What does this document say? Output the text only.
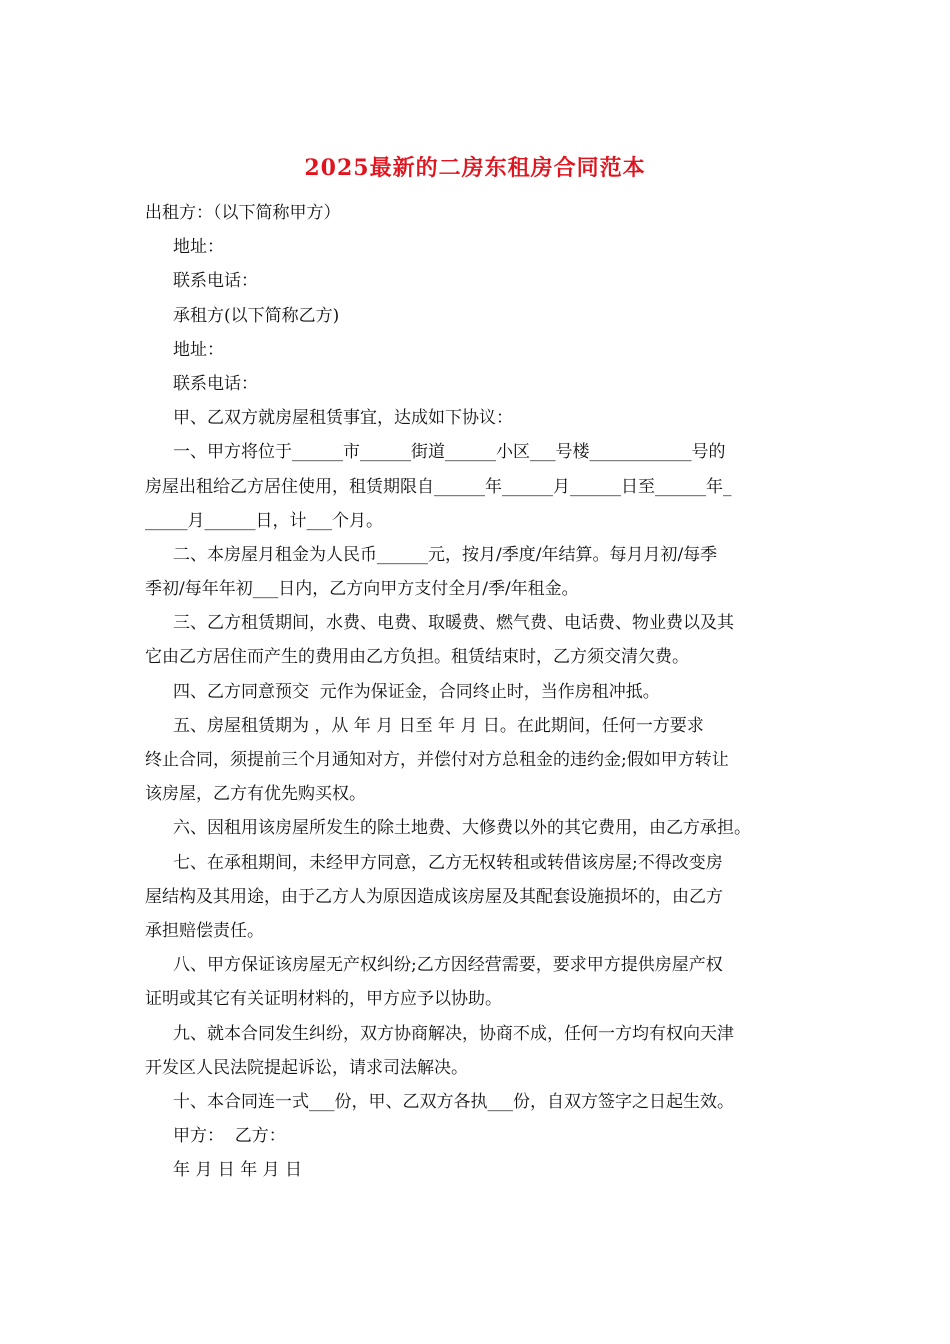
2025最新的二房东租房合同范本
出租方：（以下简称甲方）
地址：
联系电话：
承租方(以下简称乙方)
地址：
联系电话：
甲、乙双方就房屋租赁事宜，达成如下协议：
一、甲方将位于______市______街道______小区___号楼____________号的
房屋出租给乙方居住使用，租赁期限自______年______月______日至______年_
_____月______日，计___个月。
二、本房屋月租金为人民币______元，按月/季度/年结算。每月月初/每季
季初/每年年初___日内，乙方向甲方支付全月/季/年租金。
三、乙方租赁期间，水费、电费、取暖费、燃气费、电话费、物业费以及其
它由乙方居住而产生的费用由乙方负担。租赁结束时，乙方须交清欠费。
四、乙方同意预交  元作为保证金，合同终止时，当作房租冲抵。
五、房屋租赁期为 ，从 年 月 日至 年 月 日。在此期间，任何一方要求
终止合同，须提前三个月通知对方，并偿付对方总租金的违约金;假如甲方转让
该房屋，乙方有优先购买权。
六、因租用该房屋所发生的除土地费、大修费以外的其它费用，由乙方承担。
七、在承租期间，未经甲方同意，乙方无权转租或转借该房屋;不得改变房
屋结构及其用途，由于乙方人为原因造成该房屋及其配套设施损坏的，由乙方
承担赔偿责任。
八、甲方保证该房屋无产权纠纷;乙方因经营需要，要求甲方提供房屋产权
证明或其它有关证明材料的，甲方应予以协助。
九、就本合同发生纠纷，双方协商解决，协商不成，任何一方均有权向天津
开发区人民法院提起诉讼，请求司法解决。
十、本合同连一式___份，甲、乙双方各执___份，自双方签字之日起生效。
甲方：  乙方：
年 月 日 年 月 日
